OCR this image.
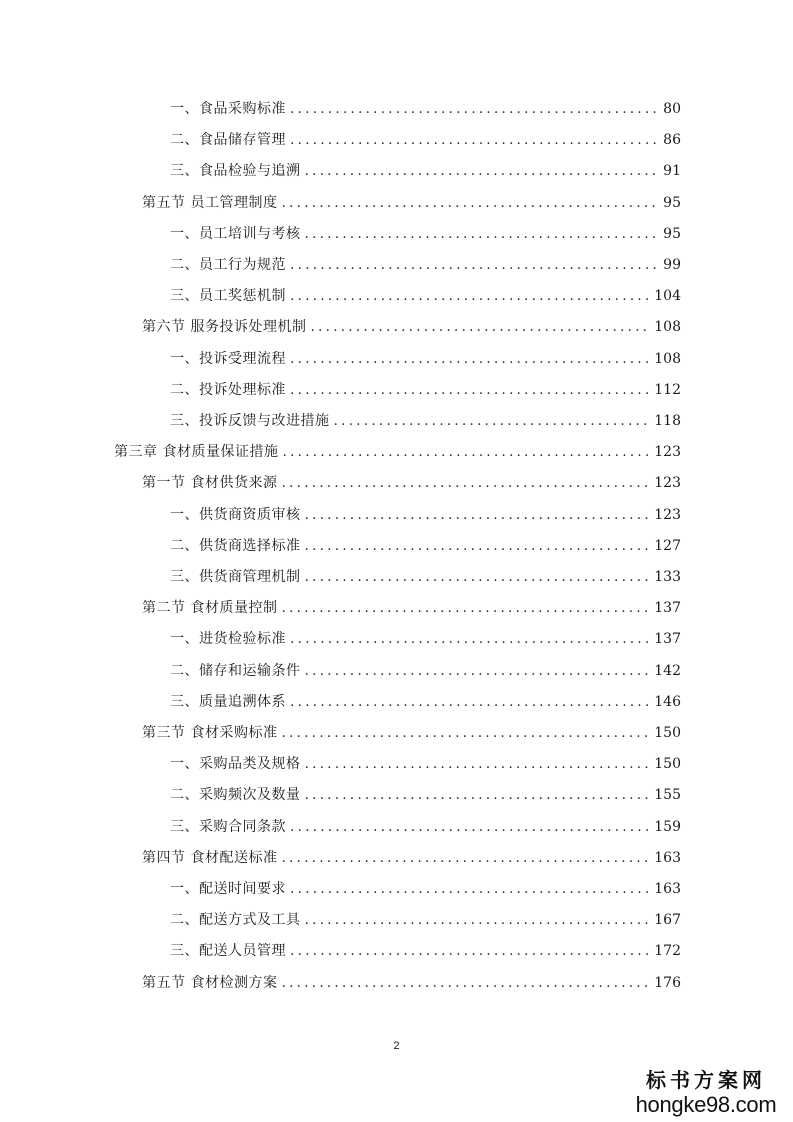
一、食品采购标准 .....	80
二、食品储存管理 .....	86
三、食品检验与追溯 .....	91
第五节 员工管理制度 .....	95
一、员工培训与考核 .....	95
二、员工行为规范 .....	99
三、员工奖惩机制 .....	104
第六节 服务投诉处理机制 .....	108
一、投诉受理流程 .....	108
二、投诉处理标准 .....	112
三、投诉反馈与改进措施 .....	118
第三章 食材质量保证措施 .....	123
第一节 食材供货来源 .....	123
一、供货商资质审核 .....	123
二、供货商选择标准 .....	127
三、供货商管理机制 .....	133
第二节 食材质量控制 .....	137
一、进货检验标准 .....	137
二、储存和运输条件 .....	142
三、质量追溯体系 .....	146
第三节 食材采购标准 .....	150
一、采购品类及规格 .....	150
二、采购频次及数量 .....	155
三、采购合同条款 .....	159
第四节 食材配送标准 .....	163
一、配送时间要求 .....	163
二、配送方式及工具 .....	167
三、配送人员管理 .....	172
第五节 食材检测方案 .....	176
2
标书方案网
hongke98.com
